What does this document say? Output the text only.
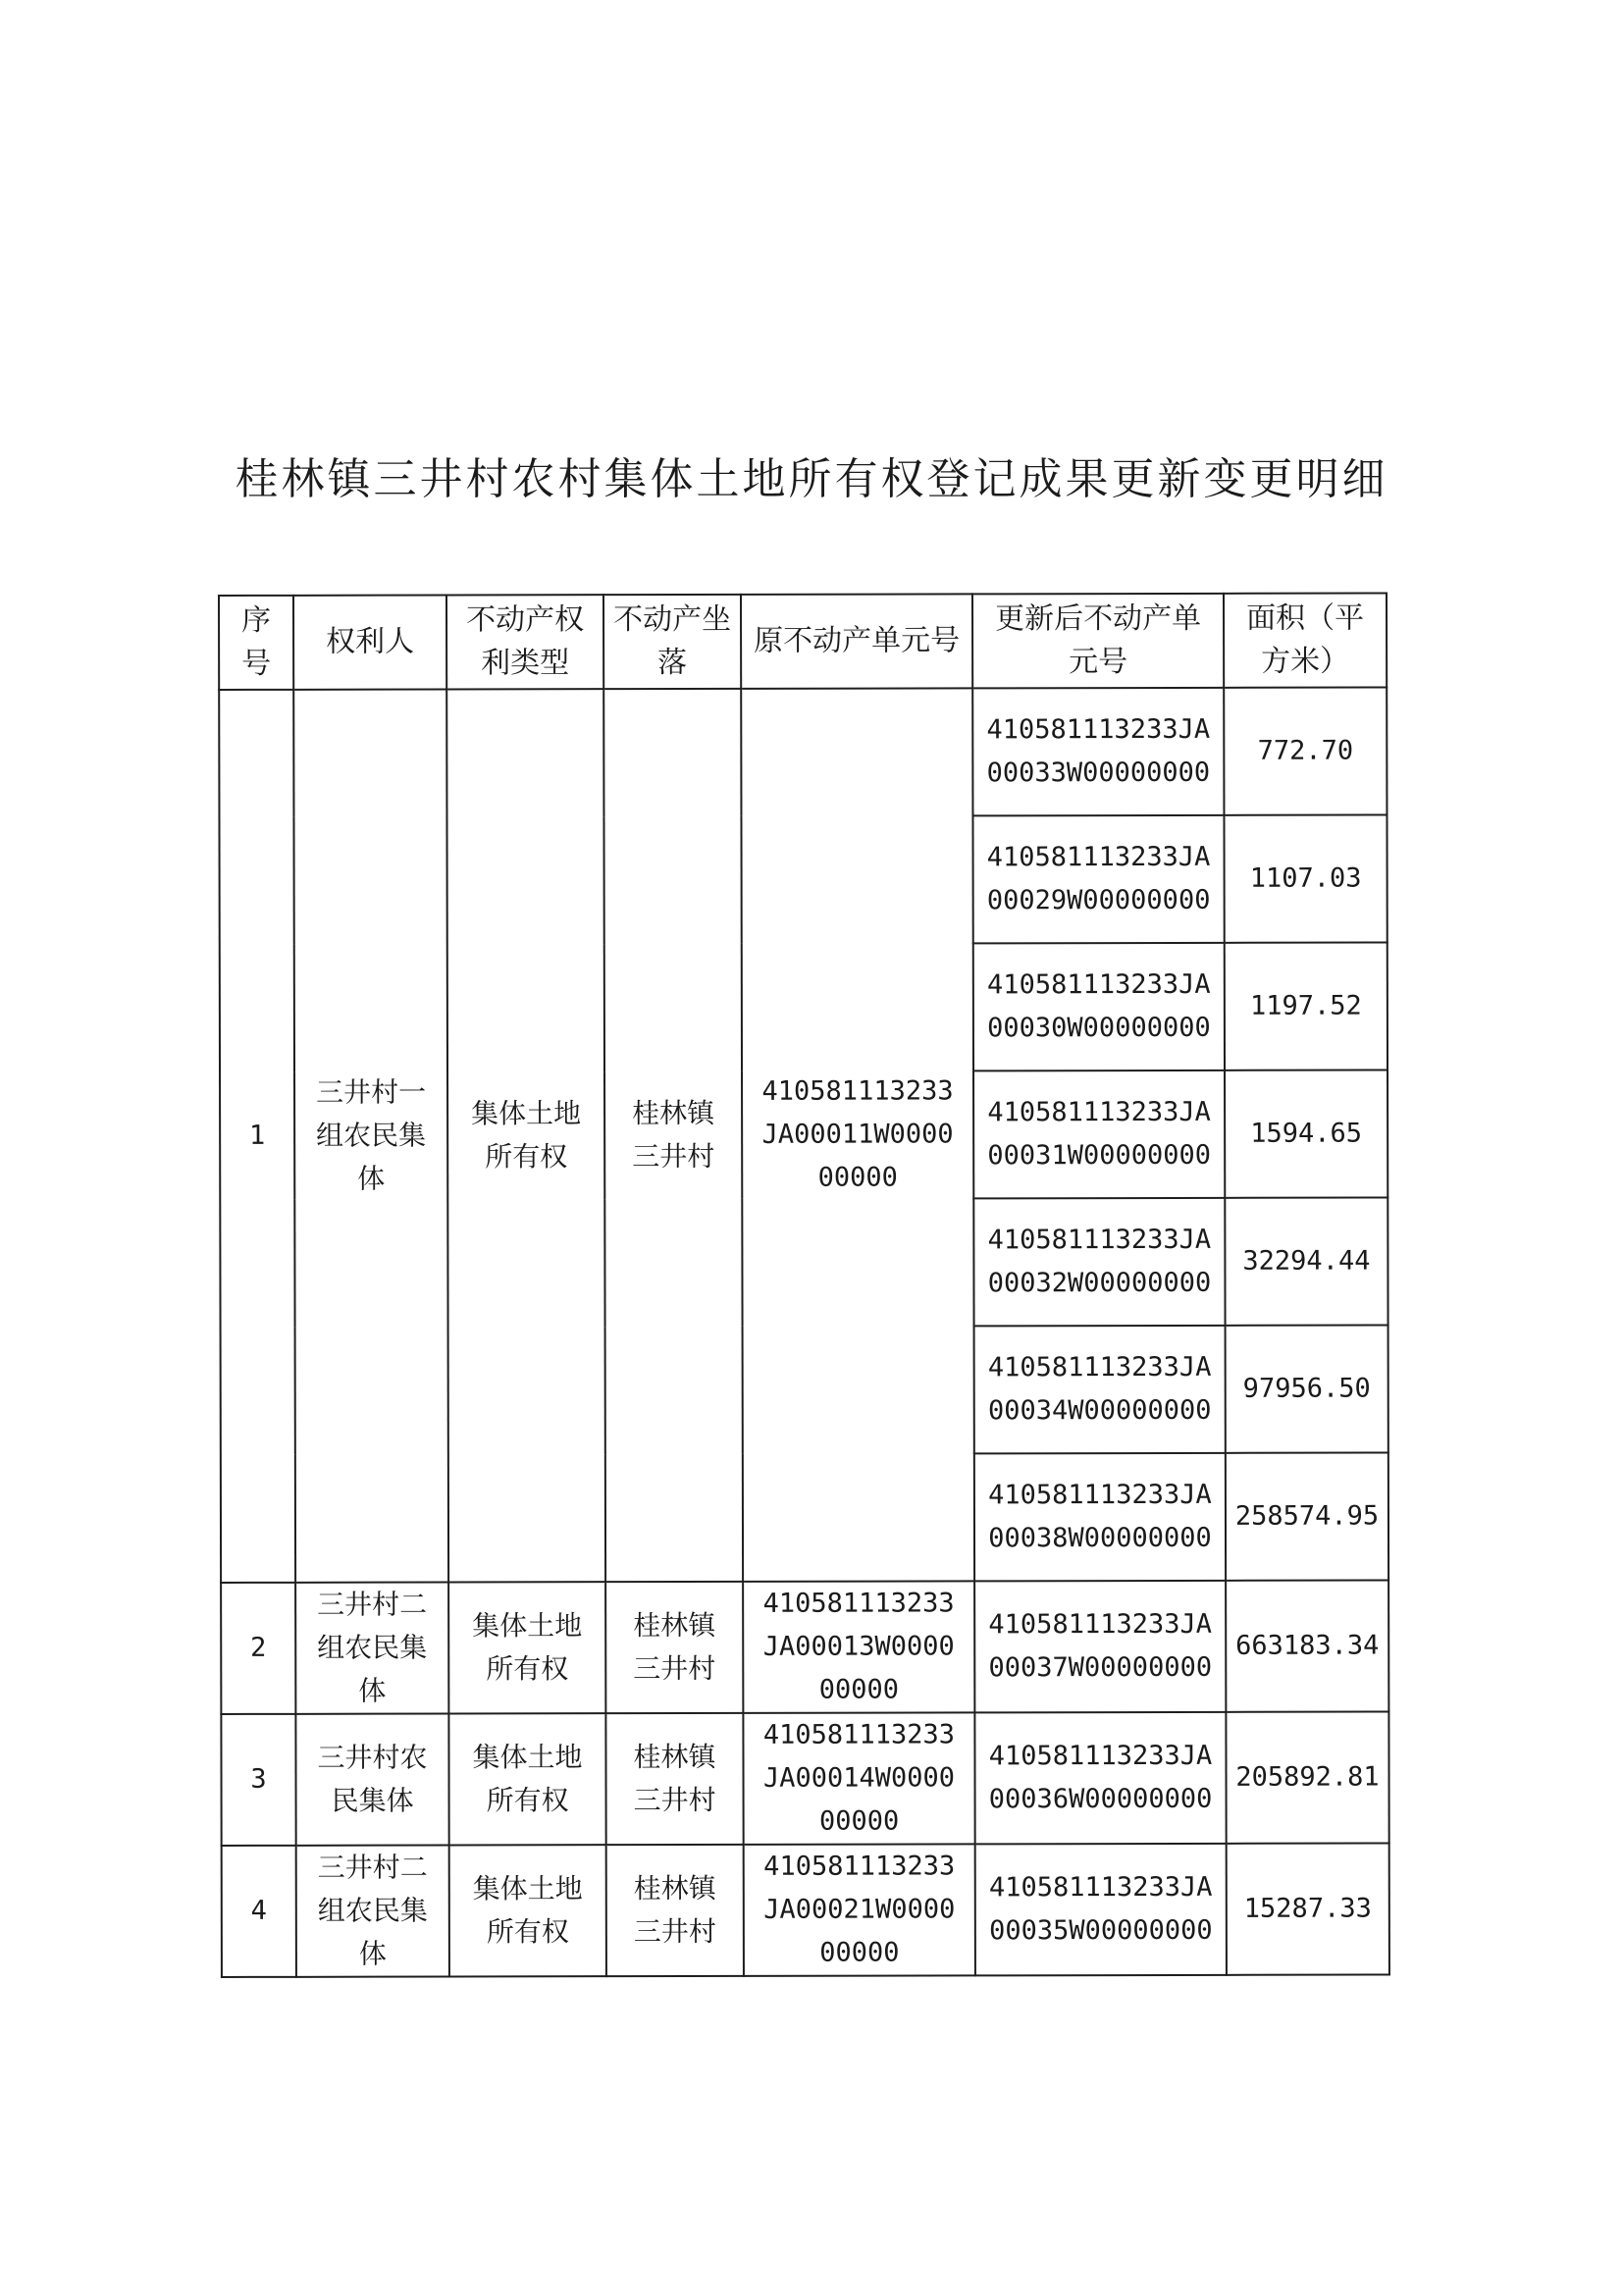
桂林镇三井村农村集体土地所有权登记成果更新变更明细
序号	权利人	不动产权利类型	不动产坐落	原不动产单元号	更新后不动产单元号	面积（平方米）
1	三井村一组农民集体	集体土地所有权	桂林镇三井村	410581113233JA00011W000000000	410581113233JA00033W00000000	772.70
					410581113233JA00029W00000000	1107.03
					410581113233JA00030W00000000	1197.52
					410581113233JA00031W00000000	1594.65
					410581113233JA00032W00000000	32294.44
					410581113233JA00034W00000000	97956.50
					410581113233JA00038W00000000	258574.95
2	三井村二组农民集体	集体土地所有权	桂林镇三井村	410581113233JA00013W000000000	410581113233JA00037W00000000	663183.34
3	三井村农民集体	集体土地所有权	桂林镇三井村	410581113233JA00014W000000000	410581113233JA00036W00000000	205892.81
4	三井村二组农民集体	集体土地所有权	桂林镇三井村	410581113233JA00021W000000000	410581113233JA00035W00000000	15287.33
